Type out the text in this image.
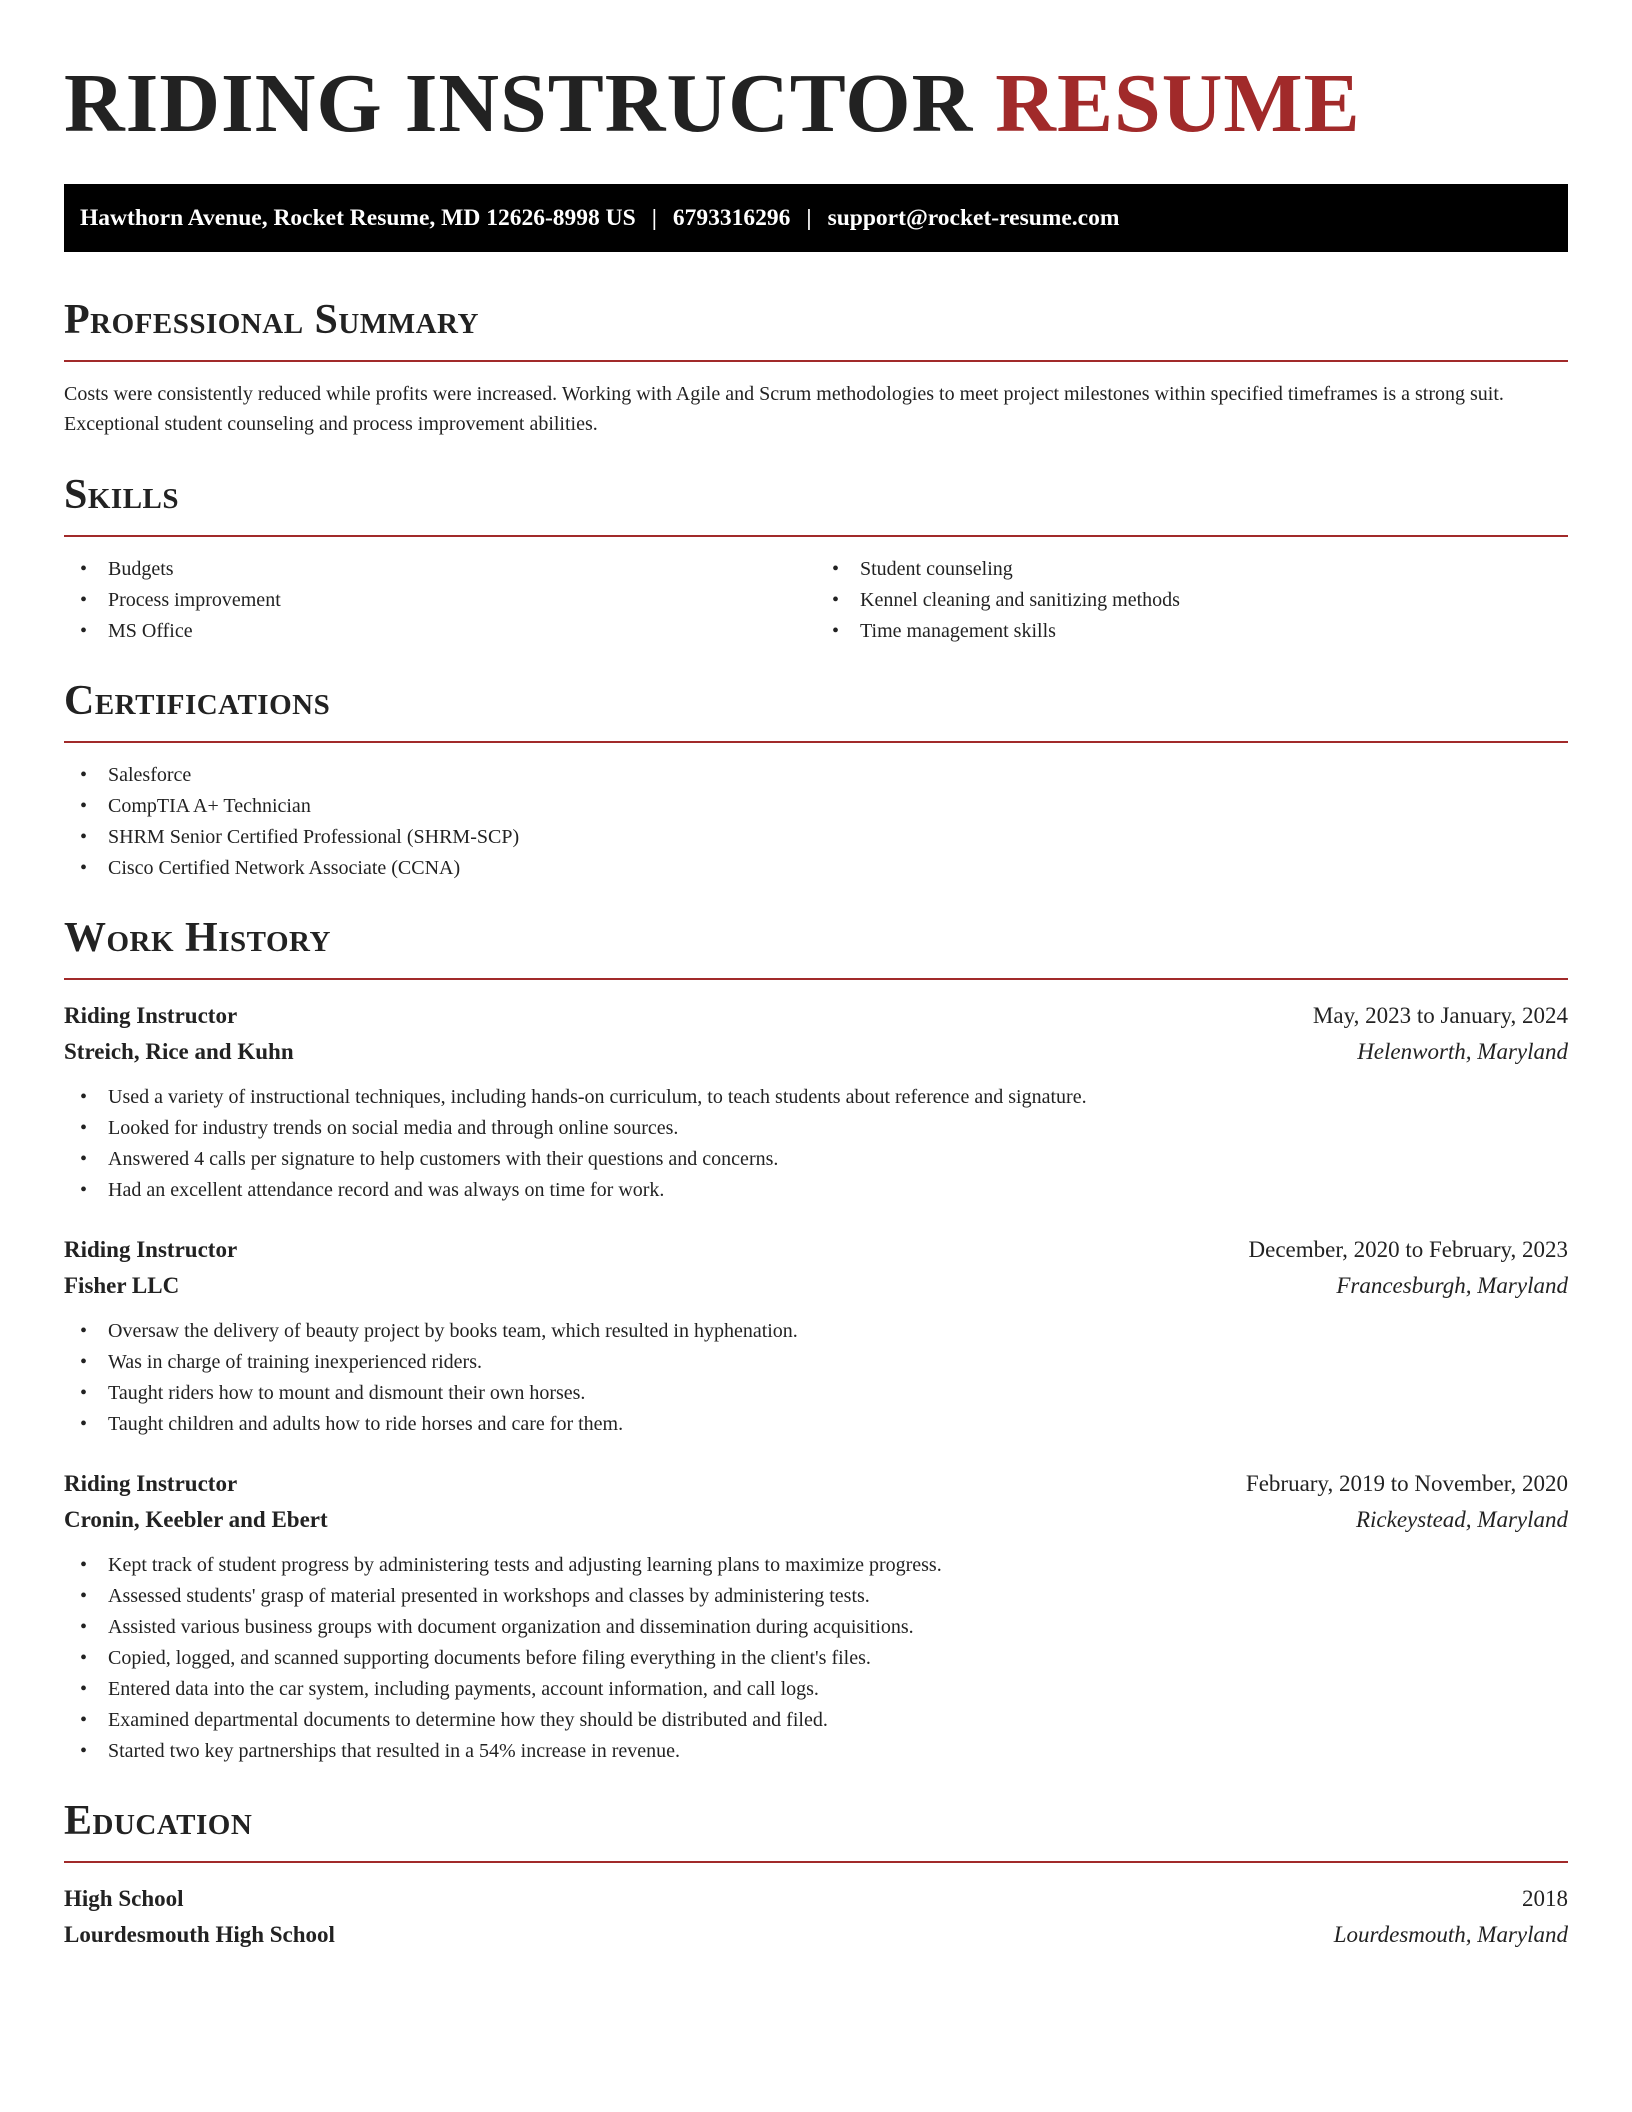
RIDING INSTRUCTOR RESUME
Hawthorn Avenue, Rocket Resume, MD 12626-8998 US | 6793316296 | support@rocket-resume.com
Professional Summary

Costs were consistently reduced while profits were increased. Working with Agile and Scrum methodologies to meet project milestones within specified timeframes is a strong suit. Exceptional student counseling and process improvement abilities.

Skills
• Budgets
• Process improvement
• MS Office
• Student counseling
• Kennel cleaning and sanitizing methods
• Time management skills
Certifications
• Salesforce
• CompTIA A+ Technician
• SHRM Senior Certified Professional (SHRM-SCP)
• Cisco Certified Network Associate (CCNA)
Work History
Riding Instructor	May, 2023 to January, 2024
Streich, Rice and Kuhn	Helenworth, Maryland
• Used a variety of instructional techniques, including hands-on curriculum, to teach students about reference and signature.
• Looked for industry trends on social media and through online sources.
• Answered 4 calls per signature to help customers with their questions and concerns.
• Had an excellent attendance record and was always on time for work.
Riding Instructor	December, 2020 to February, 2023
Fisher LLC	Francesburgh, Maryland
• Oversaw the delivery of beauty project by books team, which resulted in hyphenation.
• Was in charge of training inexperienced riders.
• Taught riders how to mount and dismount their own horses.
• Taught children and adults how to ride horses and care for them.
Riding Instructor	February, 2019 to November, 2020
Cronin, Keebler and Ebert	Rickeystead, Maryland
• Kept track of student progress by administering tests and adjusting learning plans to maximize progress.
• Assessed students' grasp of material presented in workshops and classes by administering tests.
• Assisted various business groups with document organization and dissemination during acquisitions.
• Copied, logged, and scanned supporting documents before filing everything in the client's files.
• Entered data into the car system, including payments, account information, and call logs.
• Examined departmental documents to determine how they should be distributed and filed.
• Started two key partnerships that resulted in a 54% increase in revenue.
Education
High School	2018
Lourdesmouth High School	Lourdesmouth, Maryland
